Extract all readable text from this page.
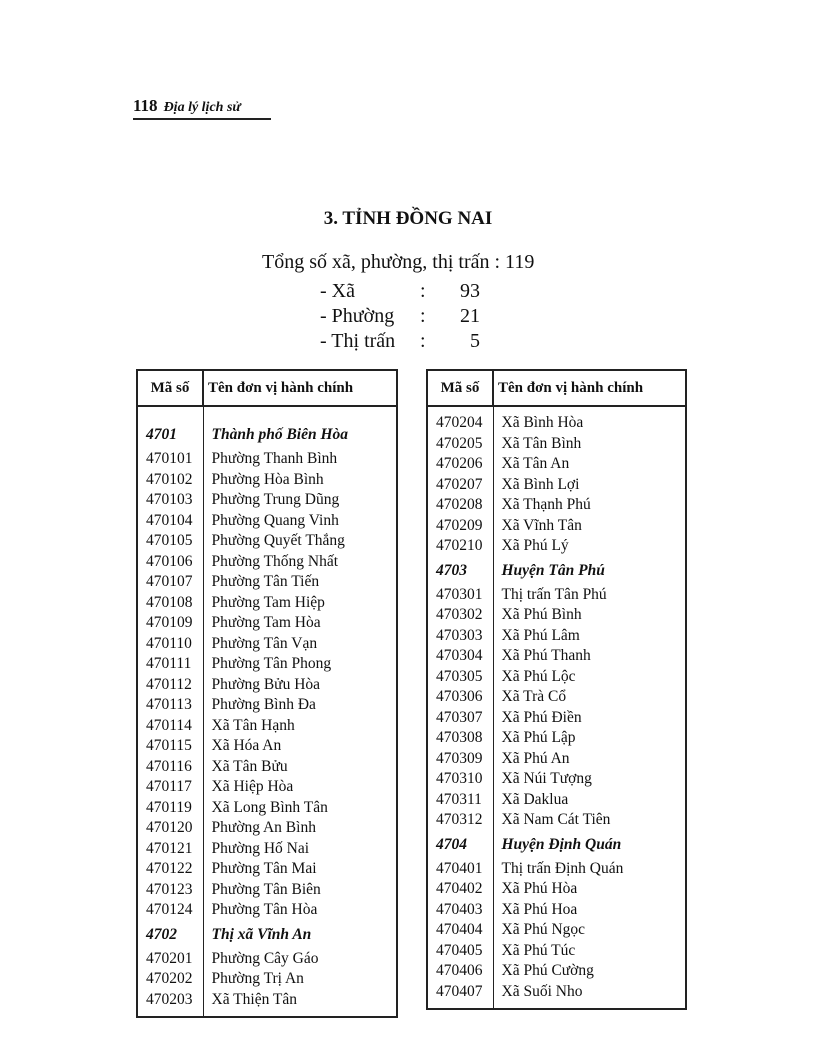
118 Địa lý lịch sử
3. TỈNH ĐỒNG NAI
Tổng số xã, phường, thị trấn : 119
- Xã	: 93
- Phường : 21
- Thị trấn : 5
Mã số	Tên đơn vị hành chính

4701	Thành phố Biên Hòa
470101	Phường Thanh Bình
470102	Phường Hòa Bình
470103	Phường Trung Dũng
470104	Phường Quang Vinh
470105	Phường Quyết Thắng
470106	Phường Thống Nhất
470107	Phường Tân Tiến
470108	Phường Tam Hiệp
470109	Phường Tam Hòa
470110	Phường Tân Vạn
470111	Phường Tân Phong
470112	Phường Bửu Hòa
470113	Phường Bình Đa
470114	Xã Tân Hạnh
470115	Xã Hóa An
470116	Xã Tân Bửu
470117	Xã Hiệp Hòa
470119	Xã Long Bình Tân
470120	Phường An Bình
470121	Phường Hố Nai
470122	Phường Tân Mai
470123	Phường Tân Biên
470124	Phường Tân Hòa
4702	Thị xã Vĩnh An
470201	Phường Cây Gáo
470202	Phường Trị An
470203	Xã Thiện Tân

Mã số	Tên đơn vị hành chính

470204	Xã Bình Hòa
470205	Xã Tân Bình
470206	Xã Tân An
470207	Xã Bình Lợi
470208	Xã Thạnh Phú
470209	Xã Vĩnh Tân
470210	Xã Phú Lý
4703	Huyện Tân Phú
470301	Thị trấn Tân Phú
470302	Xã Phú Bình
470303	Xã Phú Lâm
470304	Xã Phú Thanh
470305	Xã Phú Lộc
470306	Xã Trà Cổ
470307	Xã Phú Điền
470308	Xã Phú Lập
470309	Xã Phú An
470310	Xã Núi Tượng
470311	Xã Daklua
470312	Xã Nam Cát Tiên
4704	Huyện Định Quán
470401	Thị trấn Định Quán
470402	Xã Phú Hòa
470403	Xã Phú Hoa
470404	Xã Phú Ngọc
470405	Xã Phú Túc
470406	Xã Phú Cường
470407	Xã Suối Nho
